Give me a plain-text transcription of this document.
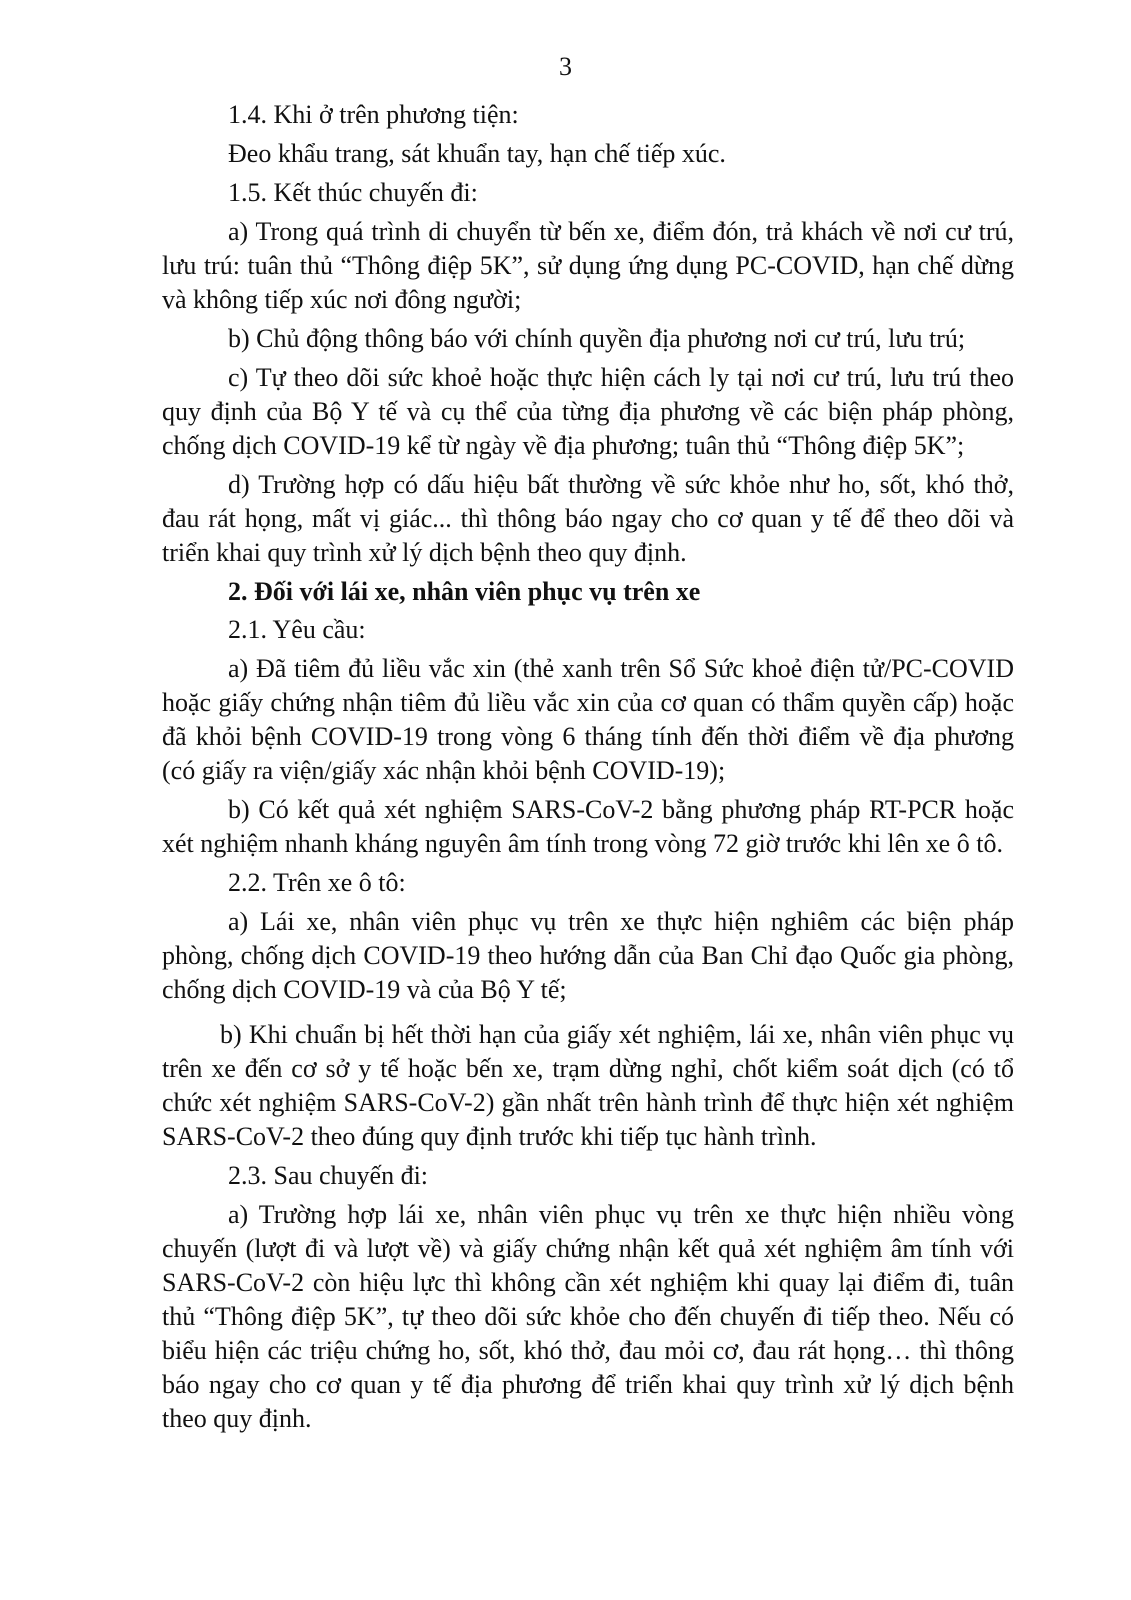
3

1.4. Khi ở trên phương tiện:

Đeo khẩu trang, sát khuẩn tay, hạn chế tiếp xúc.

1.5. Kết thúc chuyến đi:

a) Trong quá trình di chuyển từ bến xe, điểm đón, trả khách về nơi cư trú, lưu trú: tuân thủ “Thông điệp 5K”, sử dụng ứng dụng PC-COVID, hạn chế dừng và không tiếp xúc nơi đông người;

b) Chủ động thông báo với chính quyền địa phương nơi cư trú, lưu trú;

c) Tự theo dõi sức khoẻ hoặc thực hiện cách ly tại nơi cư trú, lưu trú theo quy định của Bộ Y tế và cụ thể của từng địa phương về các biện pháp phòng, chống dịch COVID-19 kể từ ngày về địa phương; tuân thủ “Thông điệp 5K”;

d) Trường hợp có dấu hiệu bất thường về sức khỏe như ho, sốt, khó thở, đau rát họng, mất vị giác... thì thông báo ngay cho cơ quan y tế để theo dõi và triển khai quy trình xử lý dịch bệnh theo quy định.

2. Đối với lái xe, nhân viên phục vụ trên xe

2.1. Yêu cầu:

a) Đã tiêm đủ liều vắc xin (thẻ xanh trên Sổ Sức khoẻ điện tử/PC-COVID hoặc giấy chứng nhận tiêm đủ liều vắc xin của cơ quan có thẩm quyền cấp) hoặc đã khỏi bệnh COVID-19 trong vòng 6 tháng tính đến thời điểm về địa phương (có giấy ra viện/giấy xác nhận khỏi bệnh COVID-19);

b) Có kết quả xét nghiệm SARS-CoV-2 bằng phương pháp RT-PCR hoặc xét nghiệm nhanh kháng nguyên âm tính trong vòng 72 giờ trước khi lên xe ô tô.

2.2. Trên xe ô tô:

a) Lái xe, nhân viên phục vụ trên xe thực hiện nghiêm các biện pháp phòng, chống dịch COVID-19 theo hướng dẫn của Ban Chỉ đạo Quốc gia phòng, chống dịch COVID-19 và của Bộ Y tế;

b) Khi chuẩn bị hết thời hạn của giấy xét nghiệm, lái xe, nhân viên phục vụ trên xe đến cơ sở y tế hoặc bến xe, trạm dừng nghỉ, chốt kiểm soát dịch (có tổ chức xét nghiệm SARS-CoV-2) gần nhất trên hành trình để thực hiện xét nghiệm SARS-CoV-2 theo đúng quy định trước khi tiếp tục hành trình.

2.3. Sau chuyến đi:

a) Trường hợp lái xe, nhân viên phục vụ trên xe thực hiện nhiều vòng chuyến (lượt đi và lượt về) và giấy chứng nhận kết quả xét nghiệm âm tính với SARS-CoV-2 còn hiệu lực thì không cần xét nghiệm khi quay lại điểm đi, tuân thủ “Thông điệp 5K”, tự theo dõi sức khỏe cho đến chuyến đi tiếp theo. Nếu có biểu hiện các triệu chứng ho, sốt, khó thở, đau mỏi cơ, đau rát họng… thì thông báo ngay cho cơ quan y tế địa phương để triển khai quy trình xử lý dịch bệnh theo quy định.
